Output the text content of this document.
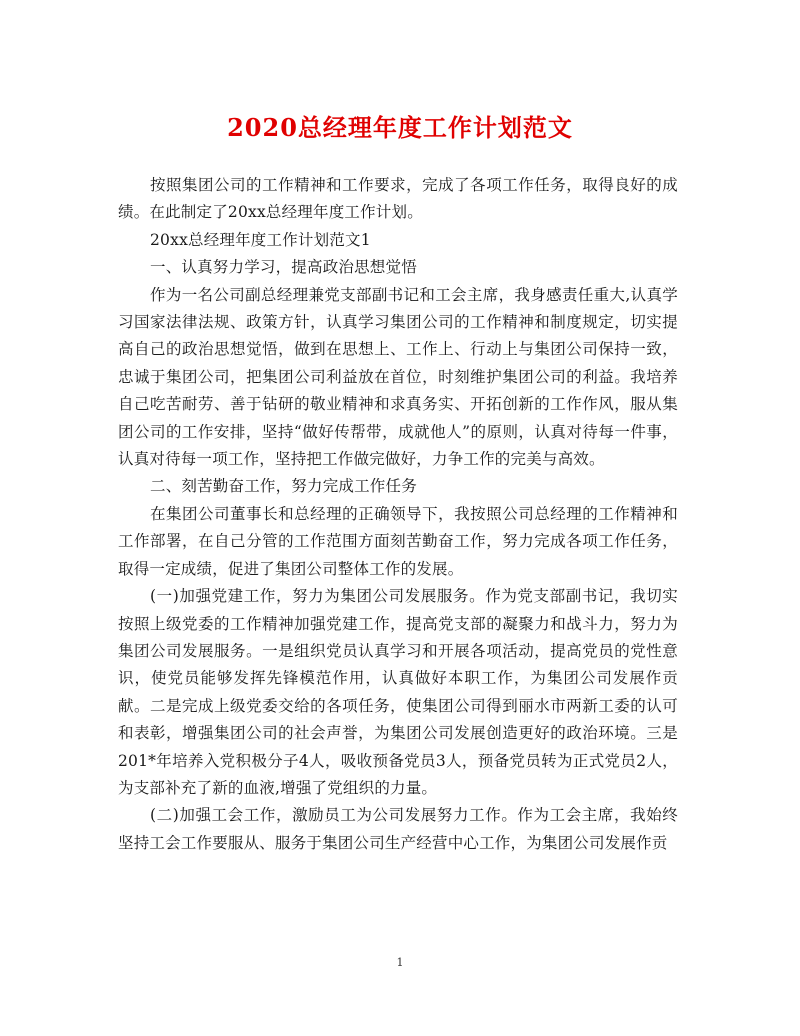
2020总经理年度工作计划范文

按照集团公司的工作精神和工作要求，完成了各项工作任务，取得良好的成绩。在此制定了20xx总经理年度工作计划。

20xx总经理年度工作计划范文1

一、认真努力学习，提高政治思想觉悟

作为一名公司副总经理兼党支部副书记和工会主席，我身感责任重大,认真学习国家法律法规、政策方针，认真学习集团公司的工作精神和制度规定，切实提高自己的政治思想觉悟，做到在思想上、工作上、行动上与集团公司保持一致，忠诚于集团公司，把集团公司利益放在首位，时刻维护集团公司的利益。我培养自己吃苦耐劳、善于钻研的敬业精神和求真务实、开拓创新的工作作风，服从集团公司的工作安排，坚持“做好传帮带，成就他人”的原则，认真对待每一件事，认真对待每一项工作，坚持把工作做完做好，力争工作的完美与高效。

二、刻苦勤奋工作，努力完成工作任务

在集团公司董事长和总经理的正确领导下，我按照公司总经理的工作精神和工作部署，在自己分管的工作范围方面刻苦勤奋工作，努力完成各项工作任务，取得一定成绩，促进了集团公司整体工作的发展。

(一)加强党建工作，努力为集团公司发展服务。作为党支部副书记，我切实按照上级党委的工作精神加强党建工作，提高党支部的凝聚力和战斗力，努力为集团公司发展服务。一是组织党员认真学习和开展各项活动，提高党员的党性意识，使党员能够发挥先锋模范作用，认真做好本职工作，为集团公司发展作贡献。二是完成上级党委交给的各项任务，使集团公司得到丽水市两新工委的认可和表彰，增强集团公司的社会声誉，为集团公司发展创造更好的政治环境。三是201*年培养入党积极分子4人，吸收预备党员3人，预备党员转为正式党员2人，为支部补充了新的血液,增强了党组织的力量。

(二)加强工会工作，激励员工为公司发展努力工作。作为工会主席，我始终坚持工会工作要服从、服务于集团公司生产经营中心工作，为集团公司发展作贡

1
